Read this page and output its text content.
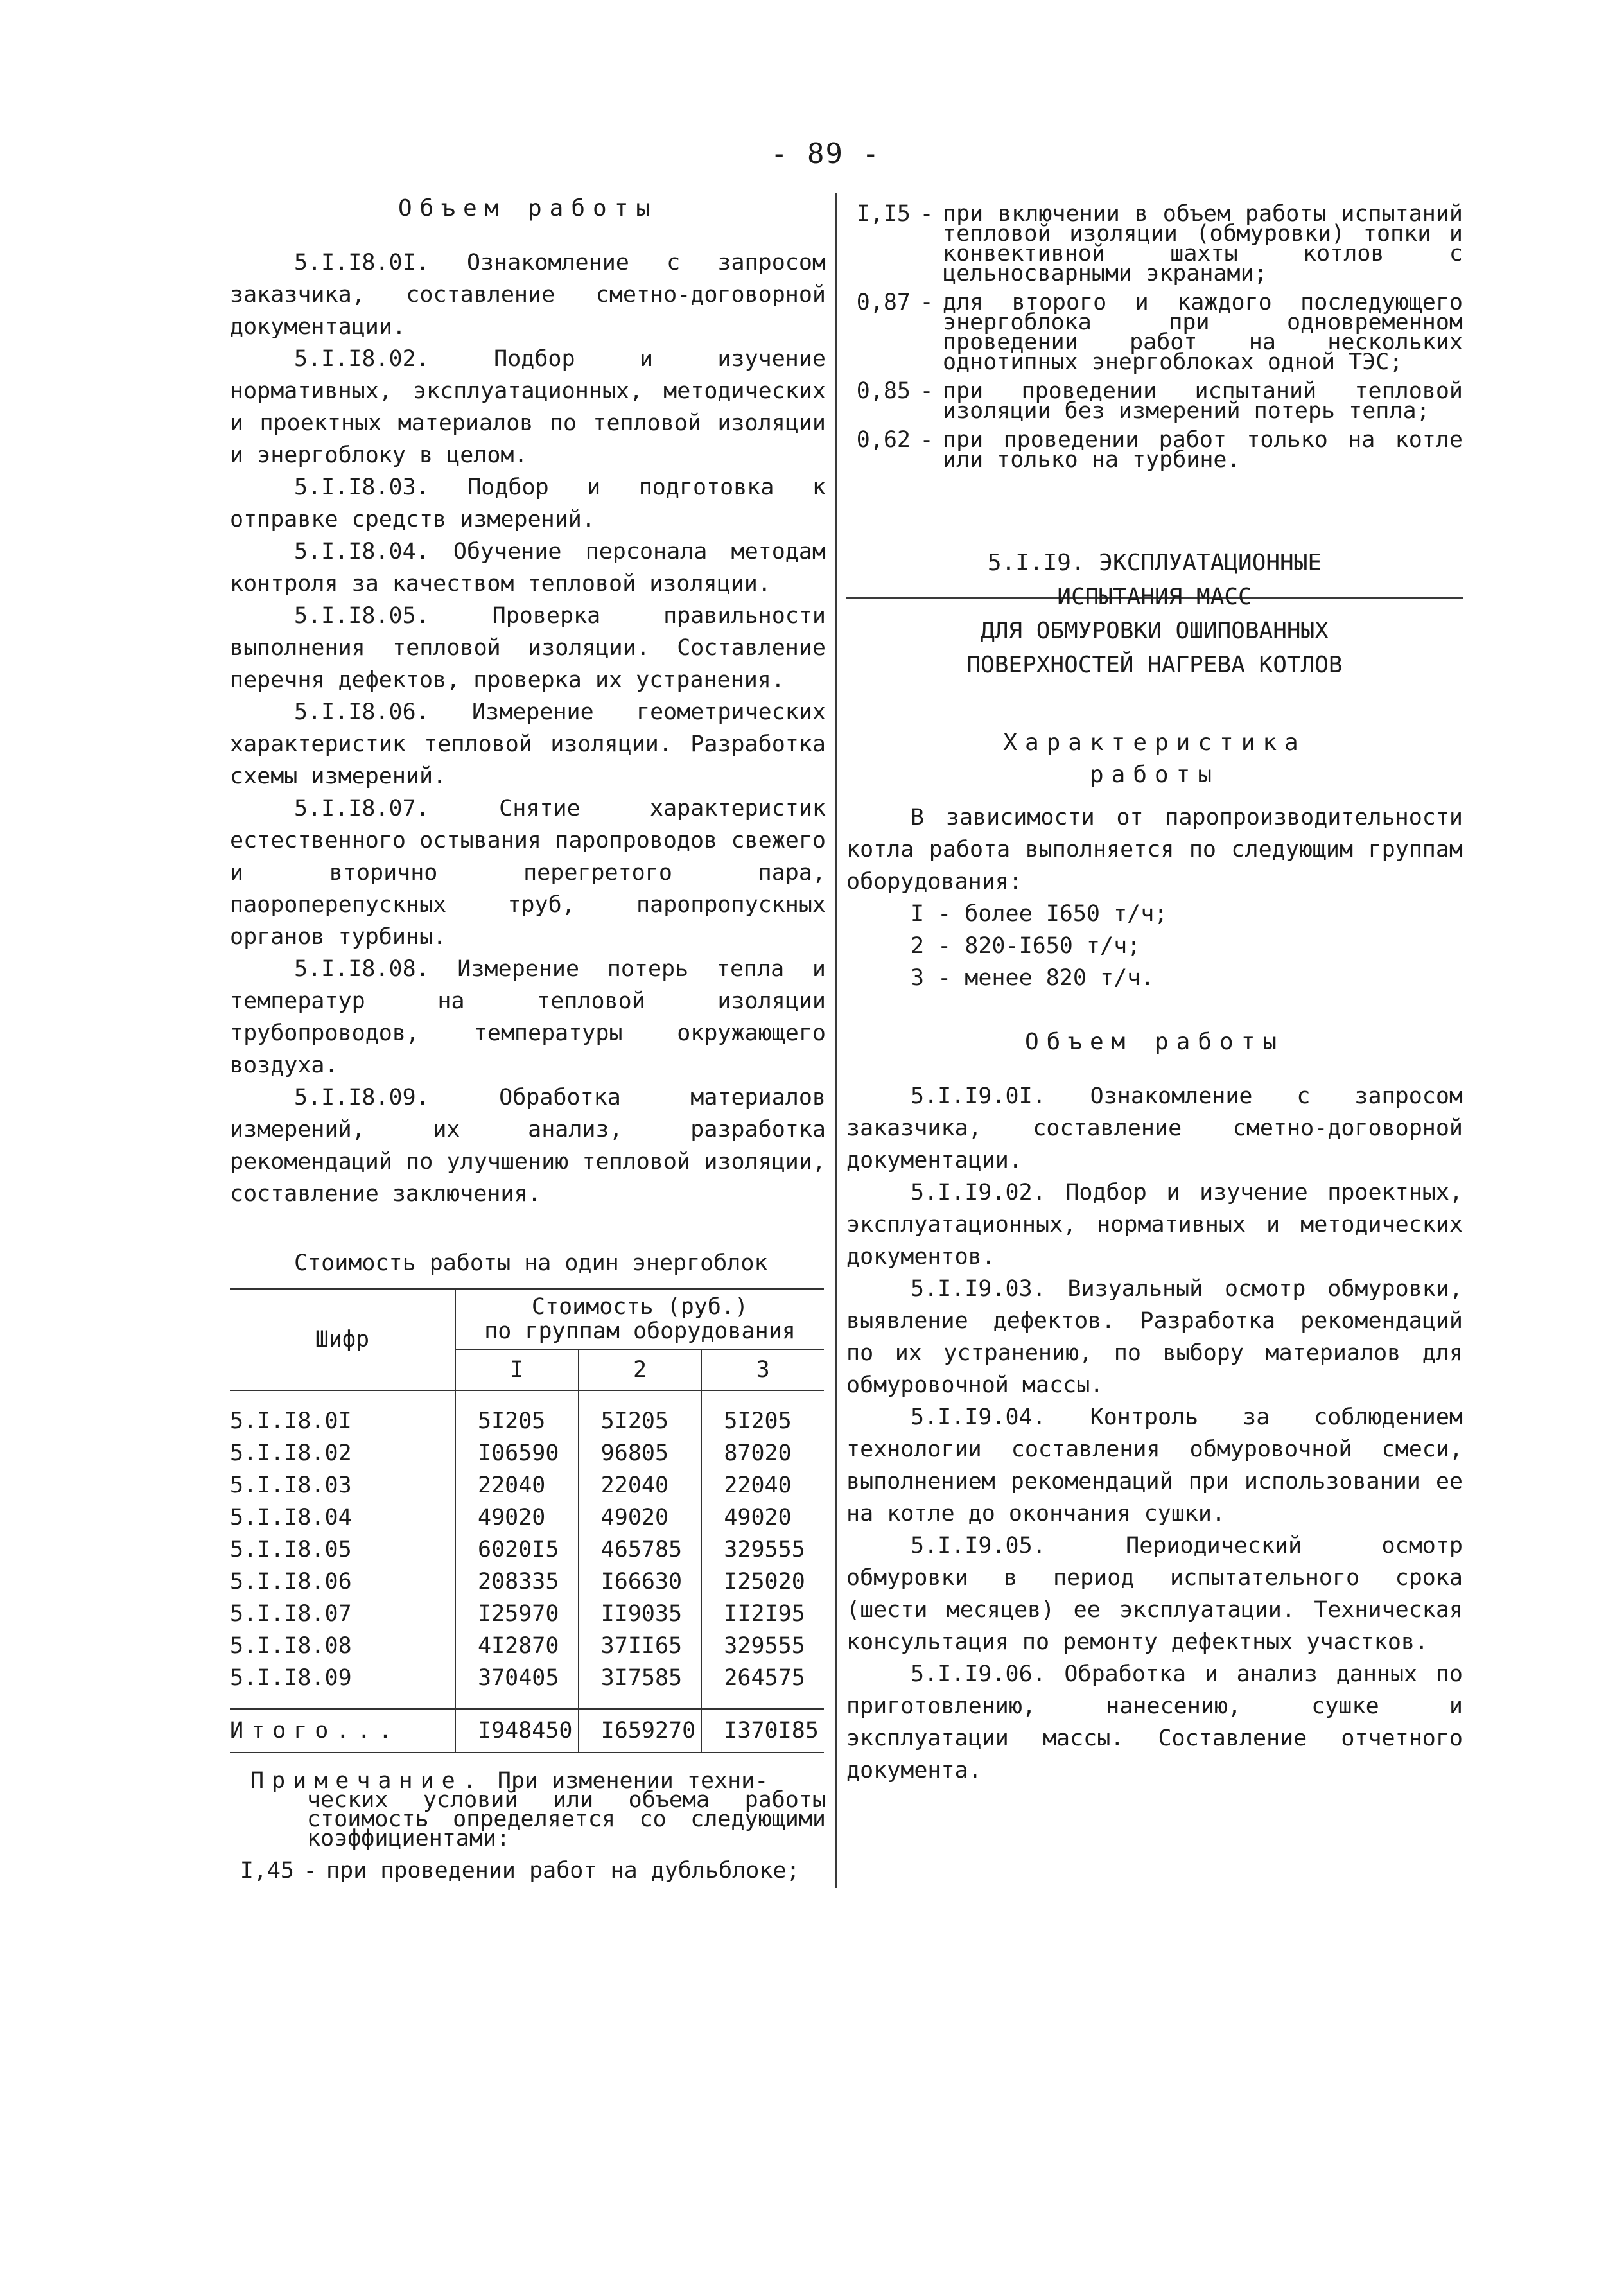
- 89 -
Объем работы

5.I.I8.0I. Ознакомление с запросом заказчика, составление сметно-договорной документации.

5.I.I8.02. Подбор и изучение нормативных, эксплуатационных, методических и проектных материалов по тепловой изоляции и энергоблоку в целом.

5.I.I8.03. Подбор и подготовка к отправке средств измерений.

5.I.I8.04. Обучение персонала методам контроля за качеством тепловой изоляции.

5.I.I8.05. Проверка правильности выполнения тепловой изоляции. Составление перечня дефектов, проверка их устранения.

5.I.I8.06. Измерение геометрических характеристик тепловой изоляции. Разработка схемы измерений.

5.I.I8.07. Снятие характеристик естественного остывания паропроводов свежего и вторично перегретого пара, паороперепускных труб, паропропускных органов турбины.

5.I.I8.08. Измерение потерь тепла и температур на тепловой изоляции трубопроводов, температуры окружающего воздуха.

5.I.I8.09. Обработка материалов измерений, их анализ, разработка рекомендаций по улучшению тепловой изоляции, составление заключения.

Стоимость работы на один энергоблок
Шифр	Стоимость (руб.)
по группам оборудования		

	I	2	3

5.I.I8.0I	5I205	5I205	5I205
5.I.I8.02	I06590	96805	87020
5.I.I8.03	22040	22040	22040
5.I.I8.04	49020	49020	49020
5.I.I8.05	6020I5	465785	329555
5.I.I8.06	208335	I66630	I25020
5.I.I8.07	I25970	II9035	II2I95
5.I.I8.08	4I2870	37II65	329555
5.I.I8.09	370405	3I7585	264575

Итого...	I948450	I659270	I370I85
Примечание. При изменении техни-
ческих условий или объема работы стоимость определяется со следующими коэффициентами:
I,45 - при проведении работ на дубльблоке;
I,I5 - при включении в объем работы испытаний тепловой изоляции (обмуровки) топки и конвективной шахты котлов с цельносварными экранами;
0,87 - для второго и каждого последующего энергоблока при одновременном проведении работ на нескольких однотипных энергоблоках одной ТЭС;
0,85 - при проведении испытаний тепловой изоляции без измерений потерь тепла;
0,62 - при проведении работ только на котле или только на турбине.
5.I.I9. ЭКСПЛУАТАЦИОННЫЕ
ИСПЫТАНИЯ МАСС
ДЛЯ ОБМУРОВКИ ОШИПОВАННЫХ
ПОВЕРХНОСТЕЙ НАГРЕВА КОТЛОВ
Характеристика
работы

В зависимости от паропроизводительности котла работа выполняется по следующим группам оборудования:

I - более I650 т/ч;
2 - 820-I650 т/ч;
3 - менее 820 т/ч.
Объем работы

5.I.I9.0I. Ознакомление с запросом заказчика, составление сметно-договорной документации.

5.I.I9.02. Подбор и изучение проектных, эксплуатационных, нормативных и методических документов.

5.I.I9.03. Визуальный осмотр обмуровки, выявление дефектов. Разработка рекомендаций по их устранению, по выбору материалов для обмуровочной массы.

5.I.I9.04. Контроль за соблюдением технологии составления обмуровочной смеси, выполнением рекомендаций при использовании ее на котле до окончания сушки.

5.I.I9.05. Периодический осмотр обмуровки в период испытательного срока (шести месяцев) ее эксплуатации. Техническая консультация по ремонту дефектных участков.

5.I.I9.06. Обработка и анализ данных по приготовлению, нанесению, сушке и эксплуатации массы. Составление отчетного документа.
